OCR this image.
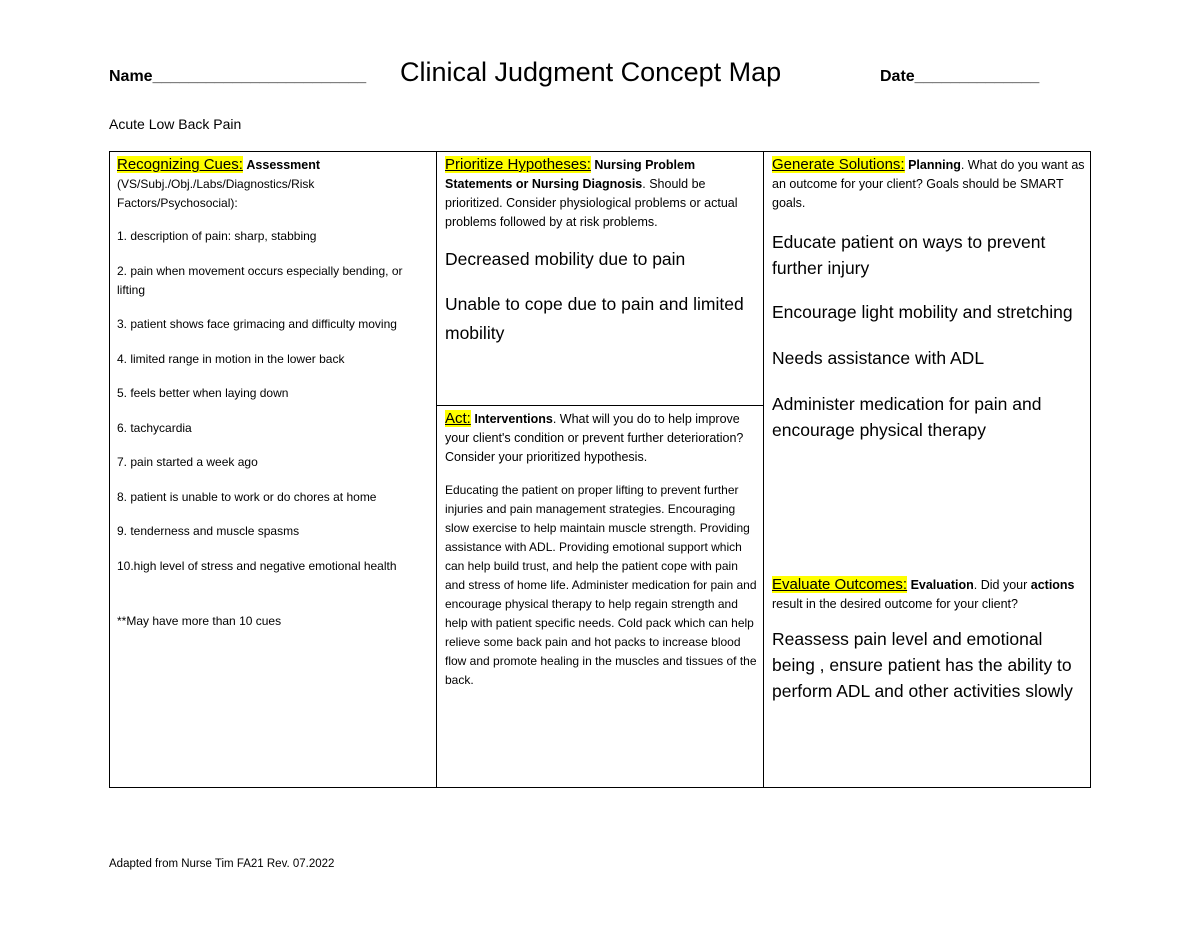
Name________________________ Clinical Judgment Concept Map	Date______________
Acute Low Back Pain
Recognizing Cues: Assessment
(VS/Subj./Obj./Labs/Diagnostics/Risk Factors/Psychosocial):

1. description of pain: sharp, stabbing

2. pain when movement occurs especially bending, or lifting

3. patient shows face grimacing and difficulty moving

4. limited range in motion in the lower back

5. feels better when laying down

6. tachycardia

7. pain started a week ago

8. patient is unable to work or do chores at home

9. tenderness and muscle spasms

10.high level of stress and negative emotional health

**May have more than 10 cues

Prioritize Hypotheses: Nursing Problem Statements or Nursing Diagnosis. Should be prioritized. Consider physiological problems or actual problems followed by at risk problems.

Decreased mobility due to pain

Unable to cope due to pain and limited mobility

Act: Interventions. What will you do to help improve your client's condition or prevent further deterioration? Consider your prioritized hypothesis.

Educating the patient on proper lifting to prevent further injuries and pain management strategies. Encouraging slow exercise to help maintain muscle strength. Providing assistance with ADL. Providing emotional support which can help build trust, and help the patient cope with pain and stress of home life. Administer medication for pain and encourage physical therapy to help regain strength and help with patient specific needs. Cold pack which can help relieve some back pain and hot packs to increase blood flow and promote healing in the muscles and tissues of the back.

Generate Solutions: Planning. What do you want as an outcome for your client? Goals should be SMART goals.

Educate patient on ways to prevent further injury

Encourage light mobility and stretching

Needs assistance with ADL

Administer medication for pain and encourage physical therapy

Evaluate Outcomes: Evaluation. Did your actions result in the desired outcome for your client?

Reassess pain level and emotional being , ensure patient has the ability to perform ADL and other activities slowly

Adapted from Nurse Tim FA21 Rev. 07.2022
